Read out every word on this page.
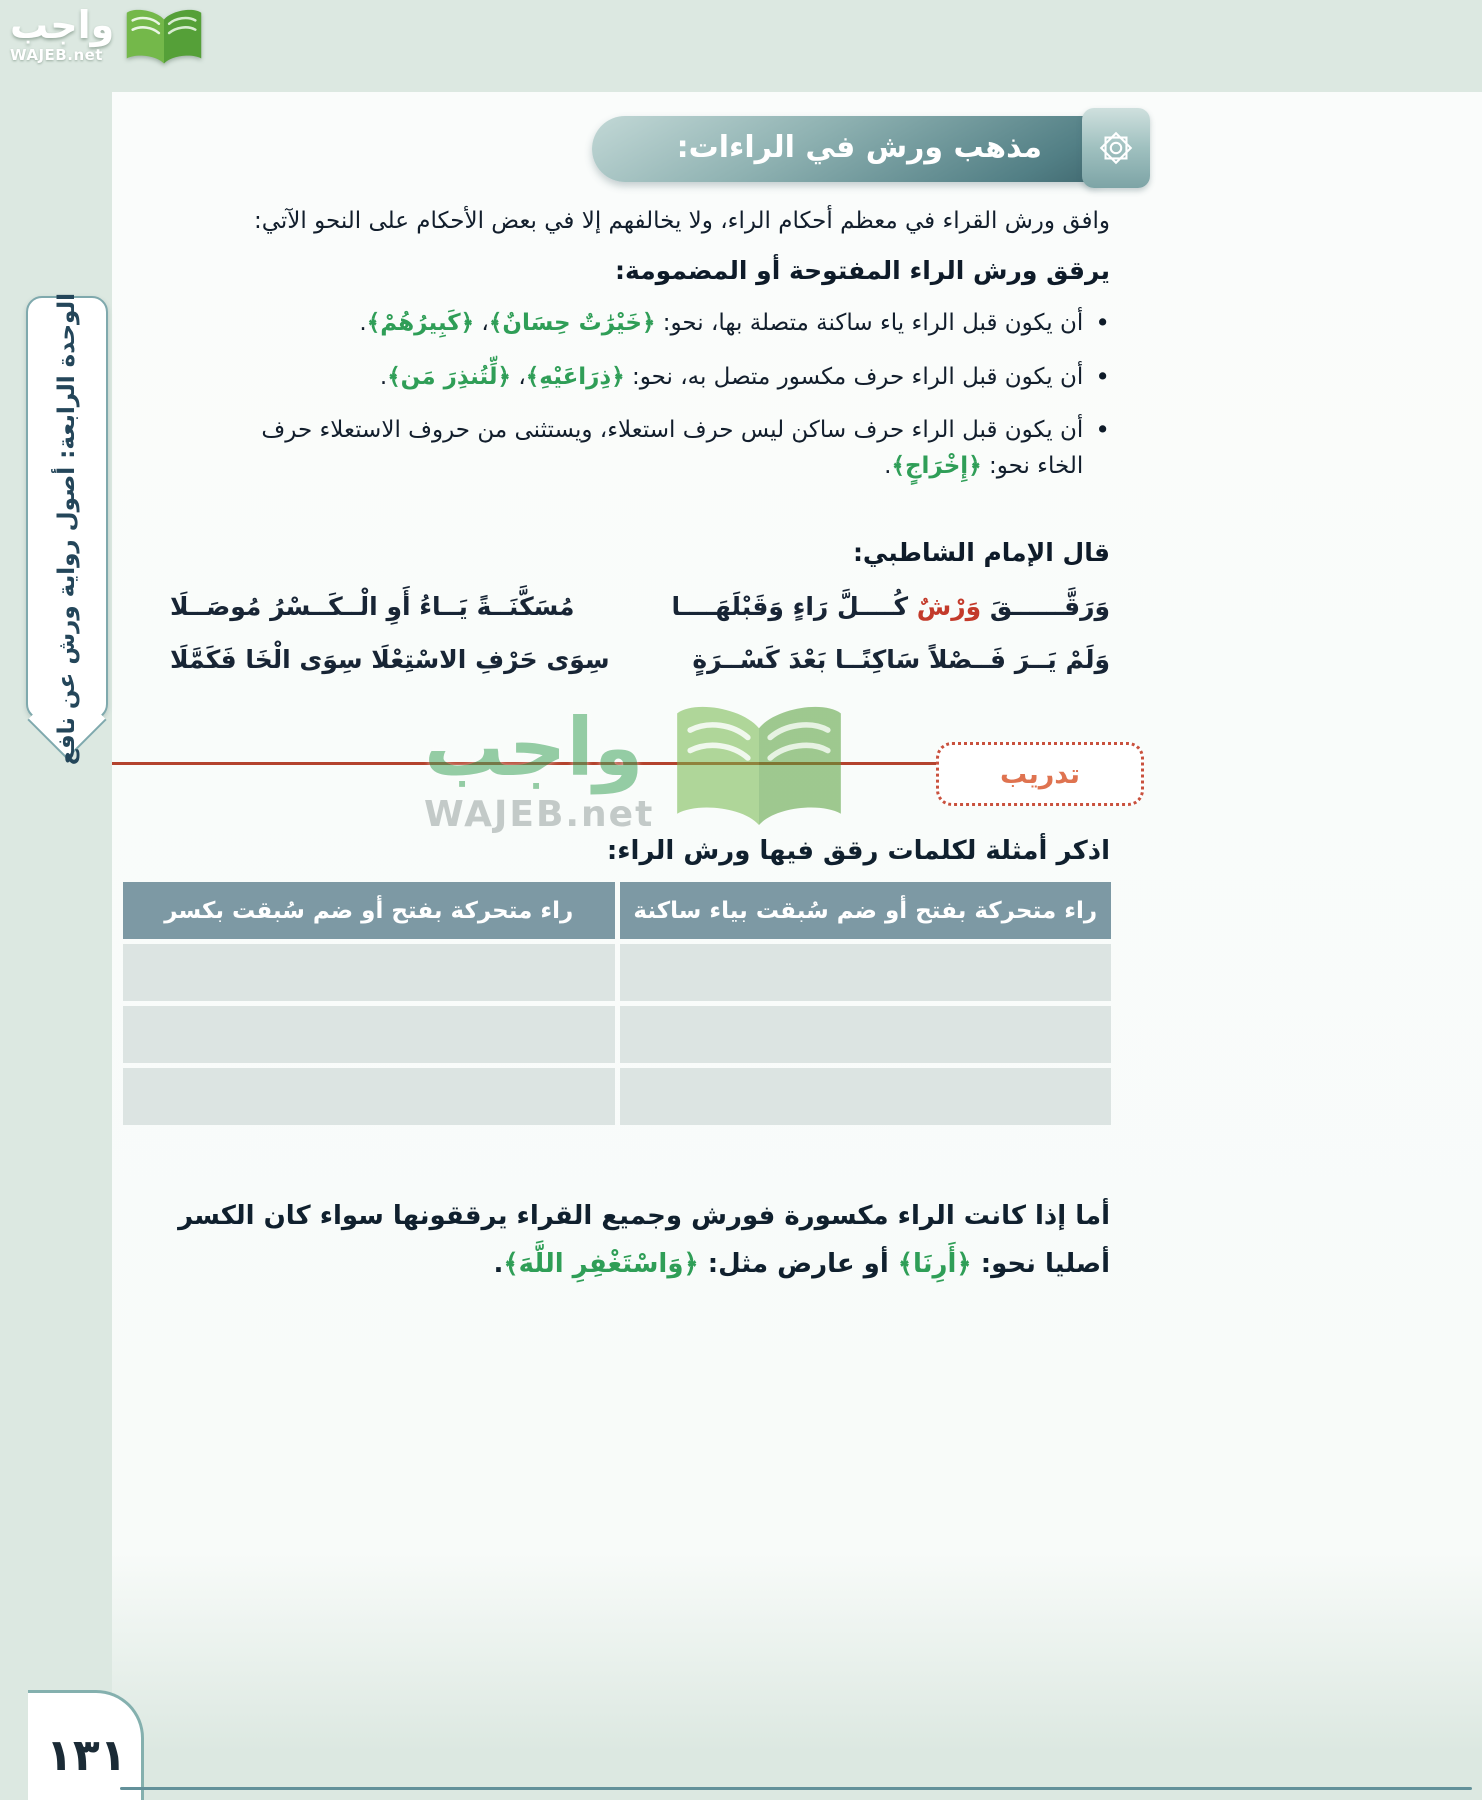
واجب
WAJEB.net
الوحدة الرابعة: أصول رواية ورش عن نافع
مذهب ورش في الراءات:
وافق ورش القراء في معظم أحكام الراء، ولا يخالفهم إلا في بعض الأحكام على النحو الآتي:
يرقق ورش الراء المفتوحة أو المضمومة:
•
أن يكون قبل الراء ياء ساكنة متصلة بها، نحو: ﴿خَيْرَٰتٌ حِسَانٌ﴾، ﴿كَبِيرُهُمْ﴾.
•
أن يكون قبل الراء حرف مكسور متصل به، نحو: ﴿ذِرَاعَيْهِ﴾، ﴿لِّتُنذِرَ مَن﴾.
•
أن يكون قبل الراء حرف ساكن ليس حرف استعلاء، ويستثنى من حروف الاستعلاء حرف الخاء نحو: ﴿إِخْرَاجٍ﴾.
قال الإمام الشاطبي:
وَرَقَّــــــقَ وَرْشٌ كُــــلَّ رَاءٍ وَقَبْلَهَــــا
مُسَكَّنَــةً يَــاءُ أَوِ الْــكَــسْرُ مُوصَــلَا
وَلَمْ يَــرَ فَــصْلاً سَاكِنًــا بَعْدَ كَسْــرَةٍ
سِوَى حَرْفِ الاسْتِعْلَا سِوَى الْخَا فَكَمَّلَا
تدريب
واجب
WAJEB.net
اذكر أمثلة لكلمات رقق فيها ورش الراء:
راء متحركة بفتح أو ضم سُبقت بياء ساكنة
راء متحركة بفتح أو ضم سُبقت بكسر
أما إذا كانت الراء مكسورة فورش وجميع القراء يرققونها سواء كان الكسر أصليا نحو: ﴿أَرِنَا﴾ أو عارض مثل: ﴿وَاسْتَغْفِرِ اللَّهَ﴾.
١٣١
